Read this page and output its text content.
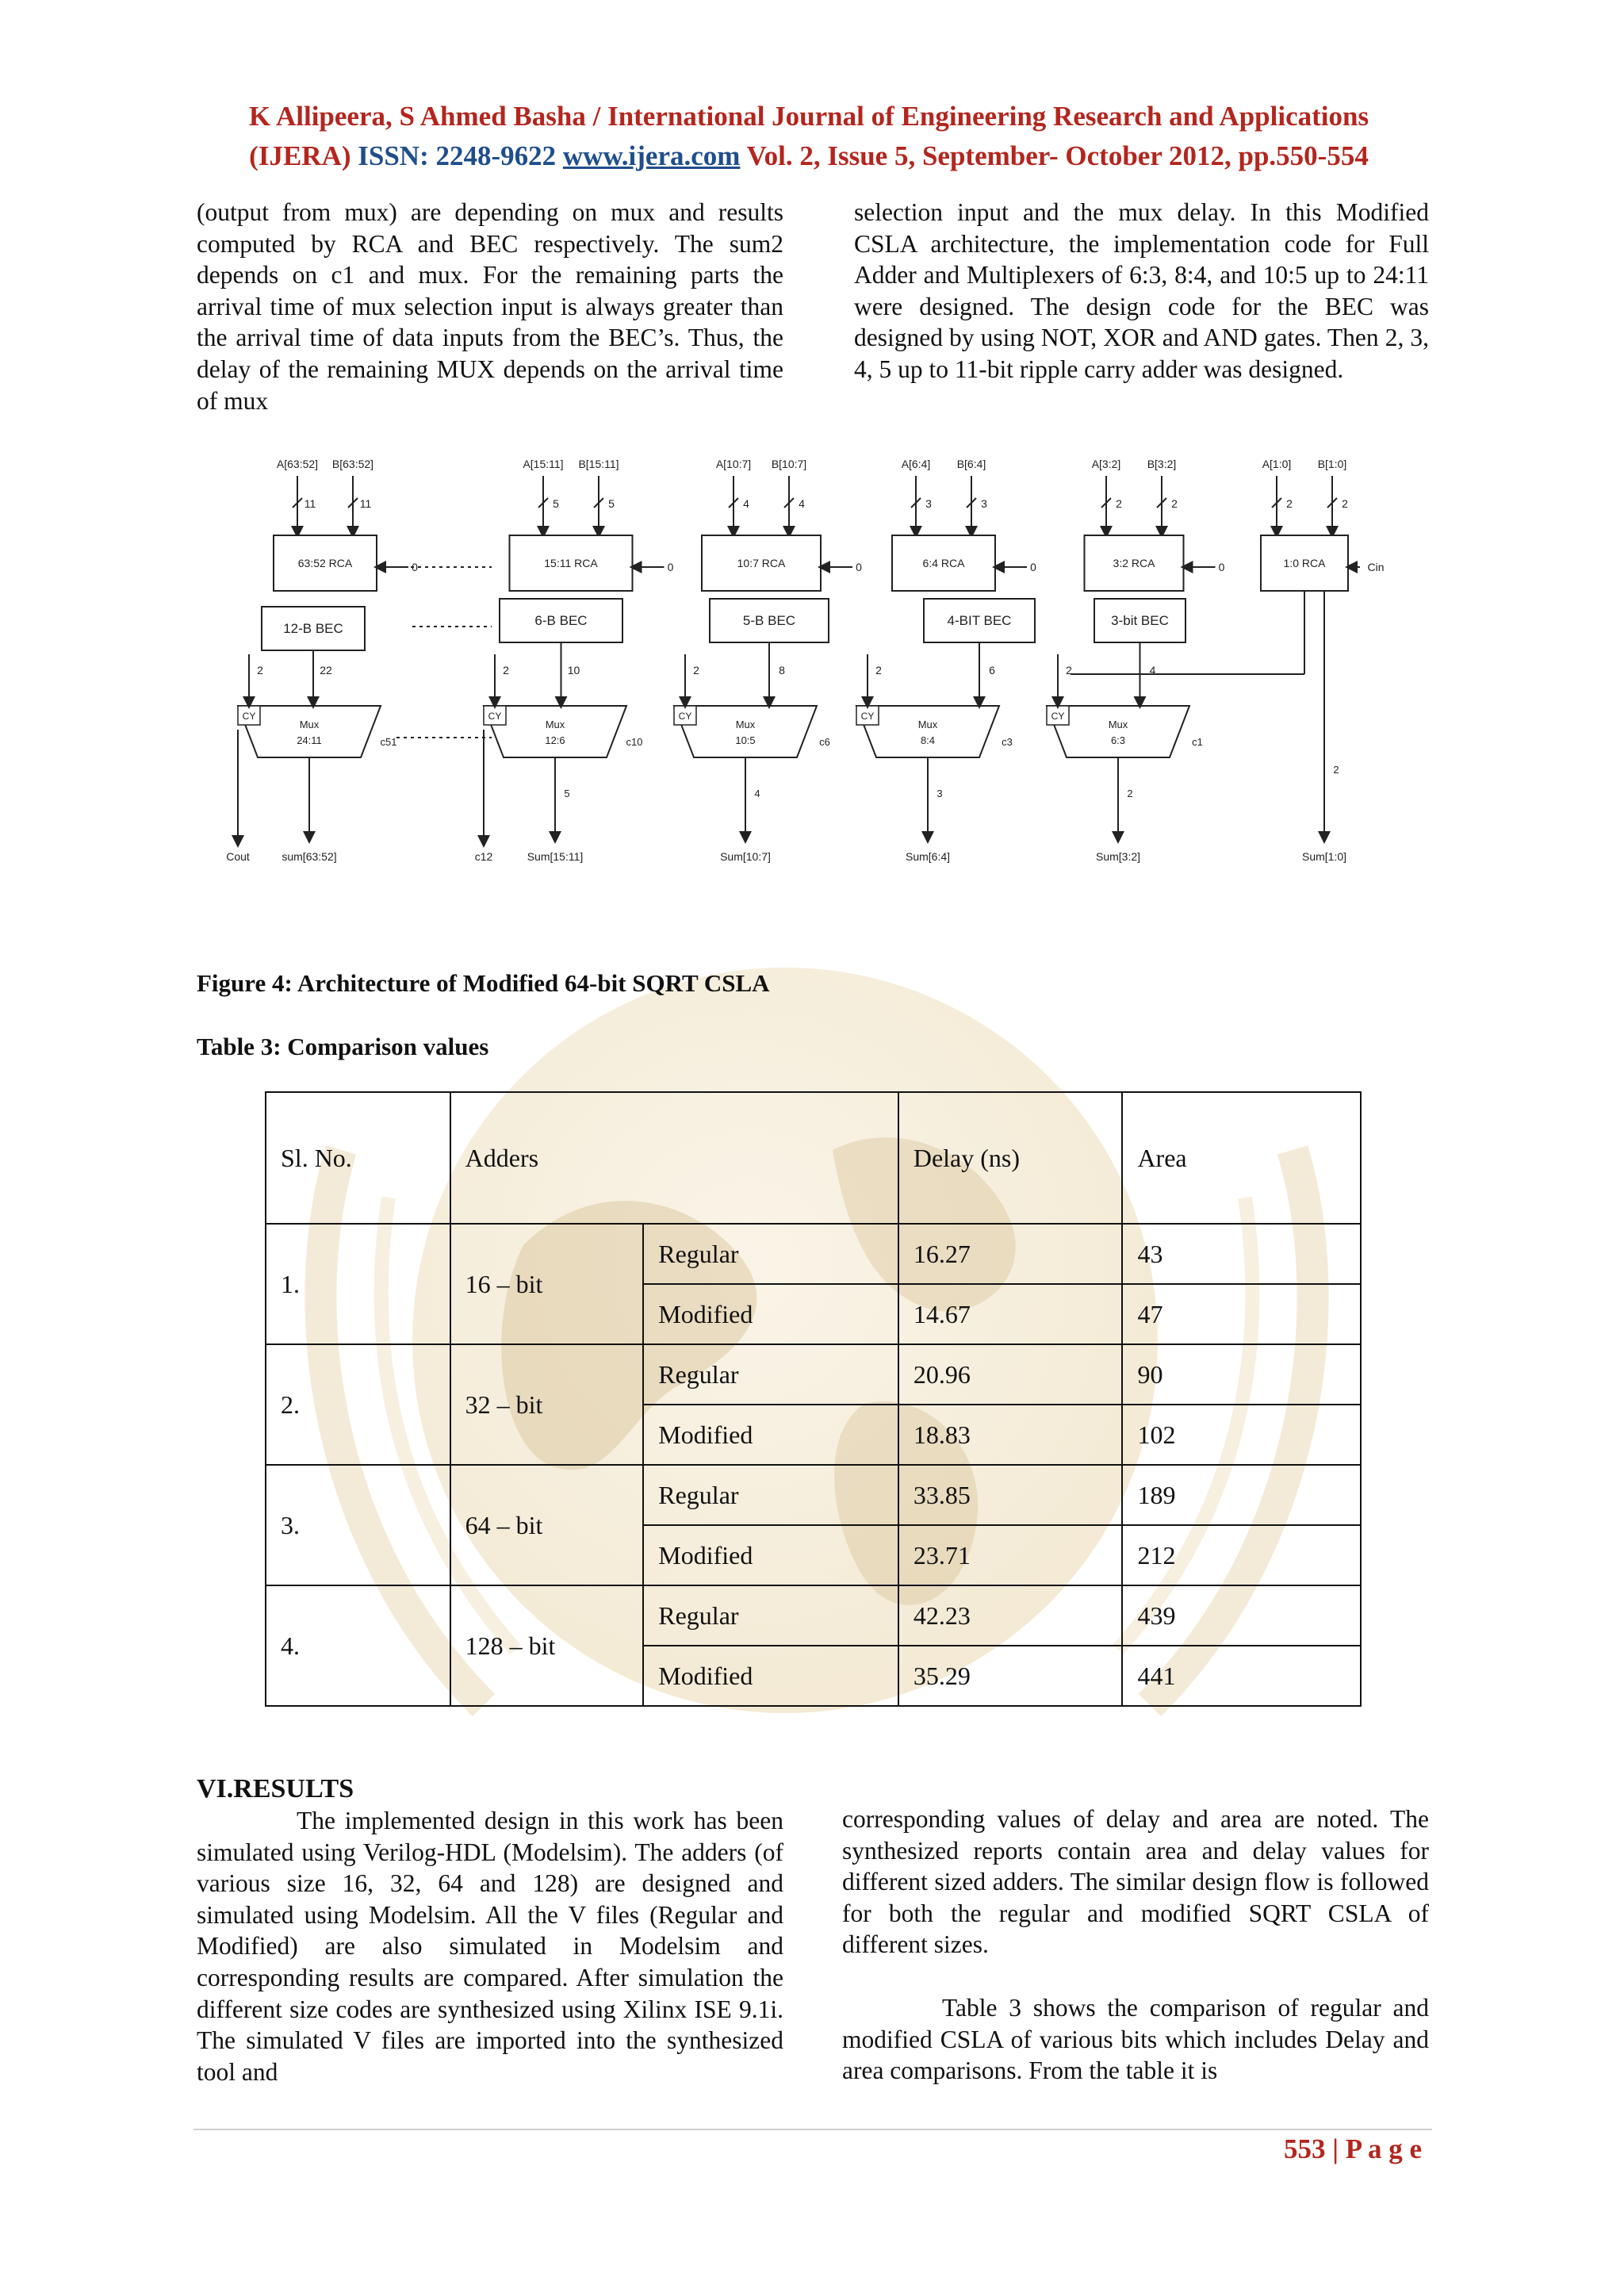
K Allipeera, S Ahmed Basha / International Journal of Engineering Research and Applications
(IJERA) ISSN: 2248-9622 www.ijera.com Vol. 2, Issue 5, September- October 2012, pp.550-554

(output from mux) are depending on mux and results computed by RCA and BEC respectively. The sum2 depends on c1 and mux. For the remaining parts the arrival time of mux selection input is always greater than the arrival time of data inputs from the BEC’s. Thus, the delay of the remaining MUX depends on the arrival time of mux

selection input and the mux delay. In this Modified CSLA architecture, the implementation code for Full Adder and Multiplexers of 6:3, 8:4, and 10:5 up to 24:11 were designed. The design code for the BEC was designed by using NOT, XOR and AND gates. Then 2, 3, 4, 5 up to 11-bit ripple carry adder was designed.

A[63:52] B[63:52]
11	11
63:52 RCA
12-B BEC
Mux
24:11
CY
2	22
c51
sum[63:52]
Cout
A[15:11] B[15:11]
5	5
15:11 RCA
6-B BEC
Mux
12:6
CY
2	10
c10
5
Sum[15:11]
c12
A[10:7] B[10:7]
4	4
10:7 RCA
5-B BEC
Mux
10:5
CY
2	8
c6
4
Sum[10:7]
A[6:4] B[6:4]
3	3
6:4 RCA
4-BIT BEC
Mux
8:4
CY
2	6
c3
3
Sum[6:4]
A[3:2] B[3:2]
2	2
3:2 RCA
3-bit BEC
Mux
6:3
CY
2	4
c1
2
Sum[3:2]
A[1:0] B[1:0]
2	2
1:0 RCA	Cin
2
Sum[1:0]
0	0	0	0	0
Figure 4: Architecture of Modified 64-bit SQRT CSLA
Table 3: Comparison values
Sl. No.	Adders		Delay (ns)	Area
1.	16 – bit	Regular	16.27	43
		Modified	14.67	47
2.	32 – bit	Regular	20.96	90
		Modified	18.83	102
3.	64 – bit	Regular	33.85	189
		Modified	23.71	212
4.	128 – bit	Regular	42.23	439
		Modified	35.29	441
VI.RESULTS

The implemented design in this work has been simulated using Verilog-HDL (Modelsim). The adders (of various size 16, 32, 64 and 128) are designed and simulated using Modelsim. All the V files (Regular and Modified) are also simulated in Modelsim and corresponding results are compared. After simulation the different size codes are synthesized using Xilinx ISE 9.1i. The simulated V files are imported into the synthesized tool and

corresponding values of delay and area are noted. The synthesized reports contain area and delay values for different sized adders. The similar design flow is followed for both the regular and modified SQRT CSLA of different sizes.

Table 3 shows the comparison of regular and modified CSLA of various bits which includes Delay and area comparisons. From the table it is

553 | P a g e
